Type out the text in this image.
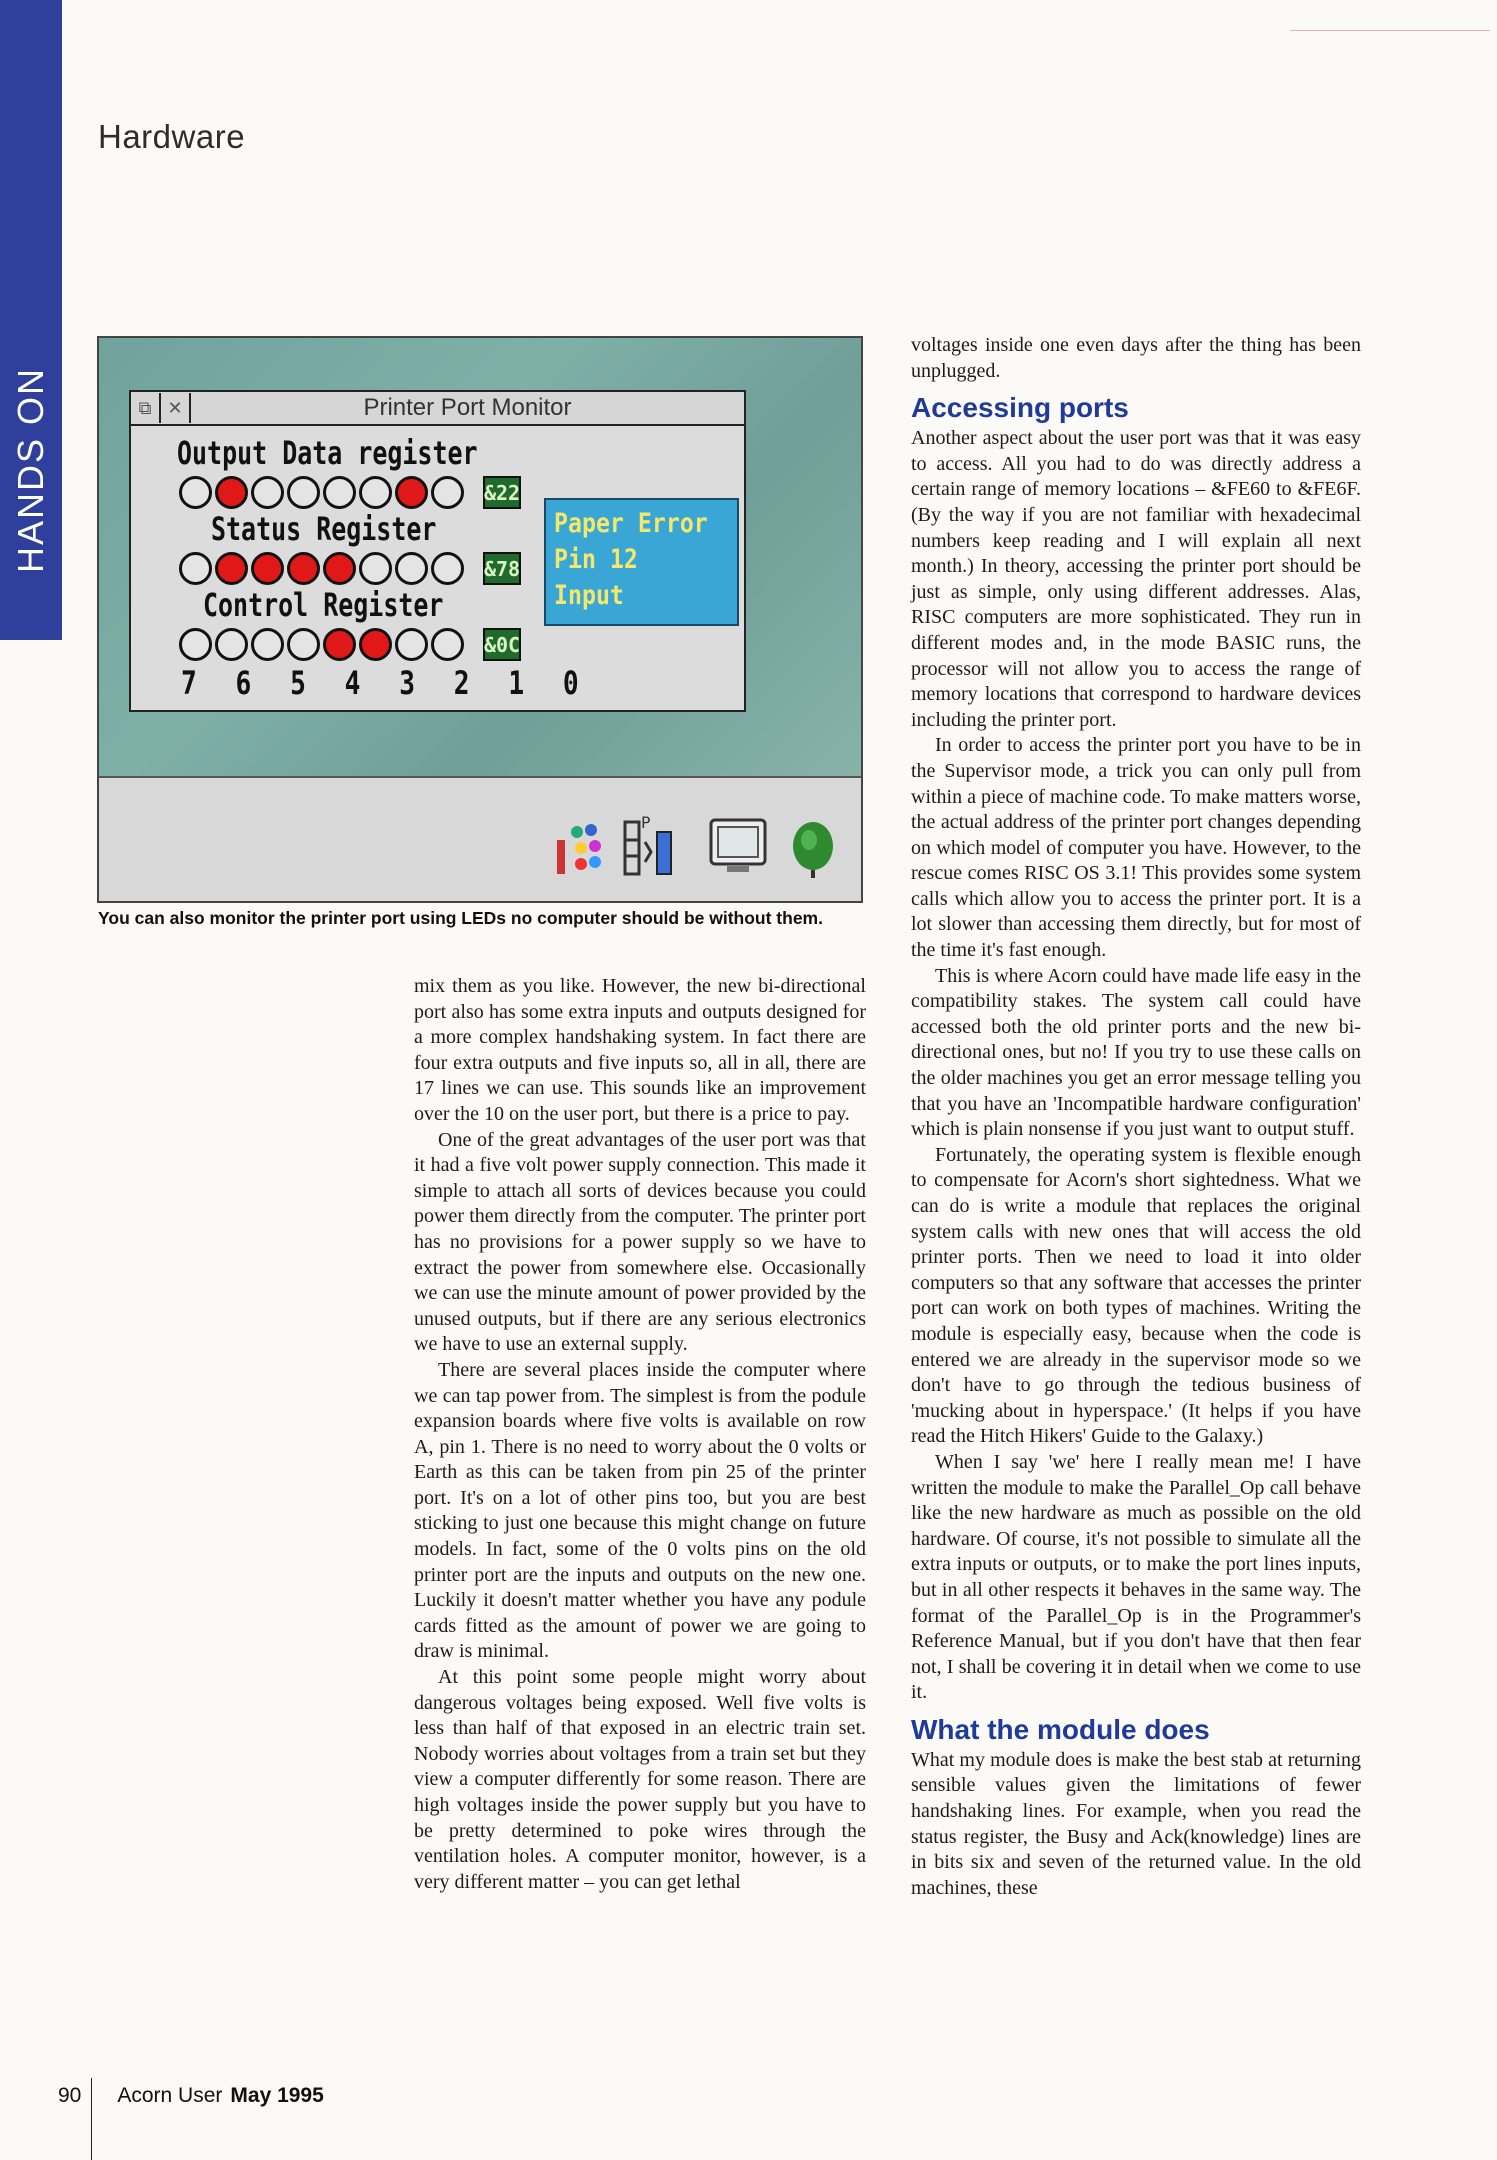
HANDS ON
Hardware
⧉ ✕	Printer Port Monitor
Output Data register
&22
Status Register
&78
Control Register
&0C
7 6 5 4 3 2 1 0
Paper Error
Pin 12
Input
P
You can also monitor the printer port using LEDs no computer should be without them.

mix them as you like. However, the new bi-directional port also has some extra inputs and outputs designed for a more complex handshaking system. In fact there are four extra outputs and five inputs so, all in all, there are 17 lines we can use. This sounds like an improvement over the 10 on the user port, but there is a price to pay.

One of the great advantages of the user port was that it had a five volt power supply connection. This made it simple to attach all sorts of devices because you could power them directly from the computer. The printer port has no provisions for a power supply so we have to extract the power from somewhere else. Occasionally we can use the minute amount of power provided by the unused outputs, but if there are any serious electronics we have to use an external supply.

There are several places inside the computer where we can tap power from. The simplest is from the podule expansion boards where five volts is available on row A, pin 1. There is no need to worry about the 0 volts or Earth as this can be taken from pin 25 of the printer port. It's on a lot of other pins too, but you are best sticking to just one because this might change on future models. In fact, some of the 0 volts pins on the old printer port are the inputs and outputs on the new one. Luckily it doesn't matter whether you have any podule cards fitted as the amount of power we are going to draw is minimal.

At this point some people might worry about dangerous voltages being exposed. Well five volts is less than half of that exposed in an electric train set. Nobody worries about voltages from a train set but they view a computer differently for some reason. There are high voltages inside the power supply but you have to be pretty determined to poke wires through the ventilation holes. A computer monitor, however, is a very different matter – you can get lethal

voltages inside one even days after the thing has been unplugged.

Accessing ports

Another aspect about the user port was that it was easy to access. All you had to do was directly address a certain range of memory locations – &FE60 to &FE6F. (By the way if you are not familiar with hexadecimal numbers keep reading and I will explain all next month.) In theory, accessing the printer port should be just as simple, only using different addresses. Alas, RISC computers are more sophisticated. They run in different modes and, in the mode BASIC runs, the processor will not allow you to access the range of memory locations that correspond to hardware devices including the printer port.

In order to access the printer port you have to be in the Supervisor mode, a trick you can only pull from within a piece of machine code. To make matters worse, the actual address of the printer port changes depending on which model of computer you have. However, to the rescue comes RISC OS 3.1! This provides some system calls which allow you to access the printer port. It is a lot slower than accessing them directly, but for most of the time it's fast enough.

This is where Acorn could have made life easy in the compatibility stakes. The system call could have accessed both the old printer ports and the new bi-directional ones, but no! If you try to use these calls on the older machines you get an error message telling you that you have an 'Incompatible hardware configuration' which is plain nonsense if you just want to output stuff.

Fortunately, the operating system is flexible enough to compensate for Acorn's short sightedness. What we can do is write a module that replaces the original system calls with new ones that will access the old printer ports. Then we need to load it into older computers so that any software that accesses the printer port can work on both types of machines. Writing the module is especially easy, because when the code is entered we are already in the supervisor mode so we don't have to go through the tedious business of 'mucking about in hyperspace.' (It helps if you have read the Hitch Hikers' Guide to the Galaxy.)

When I say 'we' here I really mean me! I have written the module to make the Parallel_Op call behave like the new hardware as much as possible on the old hardware. Of course, it's not possible to simulate all the extra inputs or outputs, or to make the port lines inputs, but in all other respects it behaves in the same way. The format of the Parallel_Op is in the Programmer's Reference Manual, but if you don't have that then fear not, I shall be covering it in detail when we come to use it.

What the module does

What my module does is make the best stab at returning sensible values given the limitations of fewer handshaking lines. For example, when you read the status register, the Busy and Ack(knowledge) lines are in bits six and seven of the returned value. In the old machines, these

90 Acorn User May 1995
